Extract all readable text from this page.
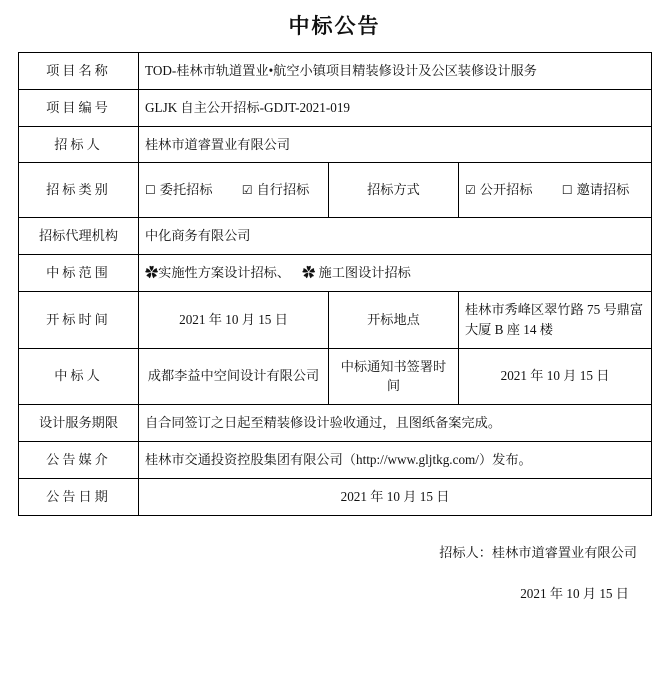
中标公告
项目名称	TOD-桂林市轨道置业•航空小镇项目精装修设计及公区装修设计服务		
项目编号	GLJK 自主公开招标-GDJT-2021-019		
招标人	桂林市道睿置业有限公司		
招标类别	☐ 委托招标 ☑ 自行招标	招标方式	☑ 公开招标 ☐ 邀请招标
招标代理机构	中化商务有限公司		
中标范围	✿实施性方案设计招标、 ✿ 施工图设计招标		
开标时间	2021 年 10 月 15 日	开标地点	桂林市秀峰区翠竹路 75 号鼎富大厦 B 座 14 楼
中标人	成都李益中空间设计有限公司	中标通知书签署时间	2021 年 10 月 15 日
设计服务期限	自合同签订之日起至精装修设计验收通过，且图纸备案完成。		
公告媒介	桂林市交通投资控股集团有限公司（http://www.gljtkg.com/）发布。		
公告日期	2021 年 10 月 15 日		
招标人：桂林市道睿置业有限公司
2021 年 10 月 15 日
